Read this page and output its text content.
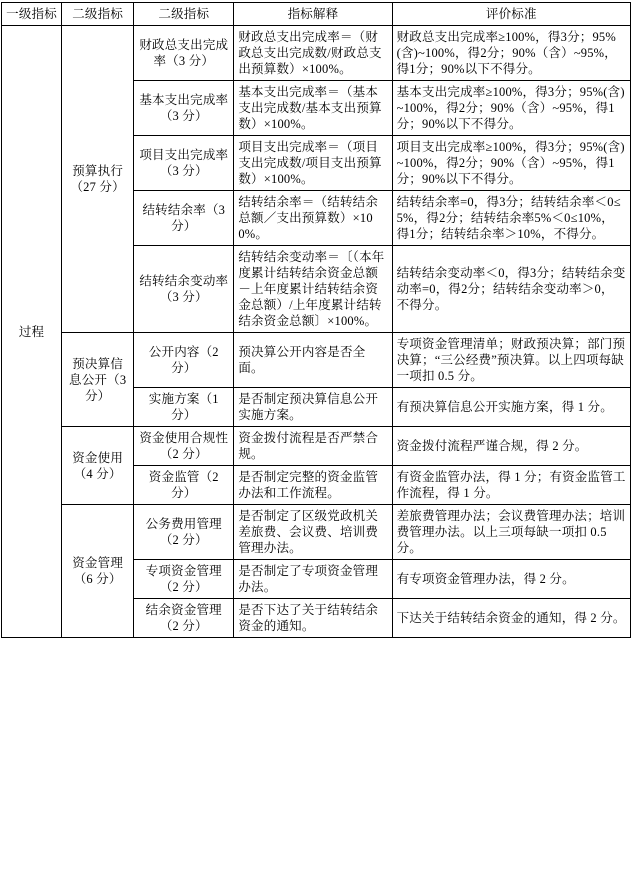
一级指标	二级指标	二级指标	指标解释	评价标准
过程	预算执行（27 分）	财政总支出完成率（3 分）	财政总支出完成率＝（财政总支出完成数/财政总支出预算数）×100%。	财政总支出完成率≥100%，得3分；95%(含)~100%，得2分；90%（含）~95%，得1分；90%以下不得分。

		基本支出完成率（3 分）	基本支出完成率＝（基本支出完成数/基本支出预算数）×100%。	基本支出完成率≥100%，得3分；95%(含)~100%，得2分；90%（含）~95%，得1分；90%以下不得分。

		项目支出完成率（3 分）	项目支出完成率＝（项目支出完成数/项目支出预算数）×100%。	项目支出完成率≥100%，得3分；95%(含)~100%，得2分；90%（含）~95%，得1分；90%以下不得分。

		结转结余率（3 分）	结转结余率＝（结转结余总额／支出预算数）×100%。	结转结余率=0，得3分；结转结余率＜0≤5%，得2分；结转结余率5%＜0≤10%，得1分；结转结余率＞10%，不得分。

		结转结余变动率（3 分）	结转结余变动率＝〔（本年度累计结转结余资金总额－上年度累计结转结余资金总额）/上年度累计结转结余资金总额〕×100%。	结转结余变动率＜0，得3分；结转结余变动率=0，得2分；结转结余变动率＞0，不得分。

	预决算信息公开（3 分）	公开内容（2 分）	预决算公开内容是否全面。	专项资金管理清单；财政预决算；部门预决算；“三公经费”预决算。以上四项每缺一项扣 0.5 分。

		实施方案（1 分）	是否制定预决算信息公开实施方案。	有预决算信息公开实施方案，得 1 分。

	资金使用（4 分）	资金使用合规性（2 分）	资金拨付流程是否严禁合规。	资金拨付流程严谨合规，得 2 分。

		资金监管（2 分）	是否制定完整的资金监管办法和工作流程。	有资金监管办法，得 1 分；有资金监管工作流程，得 1 分。

	资金管理（6 分）	公务费用管理（2 分）	是否制定了区级党政机关差旅费、会议费、培训费管理办法。	差旅费管理办法；会议费管理办法；培训费管理办法。以上三项每缺一项扣 0.5 分。

		专项资金管理（2 分）	是否制定了专项资金管理办法。	有专项资金管理办法，得 2 分。

		结余资金管理（2 分）	是否下达了关于结转结余资金的通知。	下达关于结转结余资金的通知，得 2 分。
